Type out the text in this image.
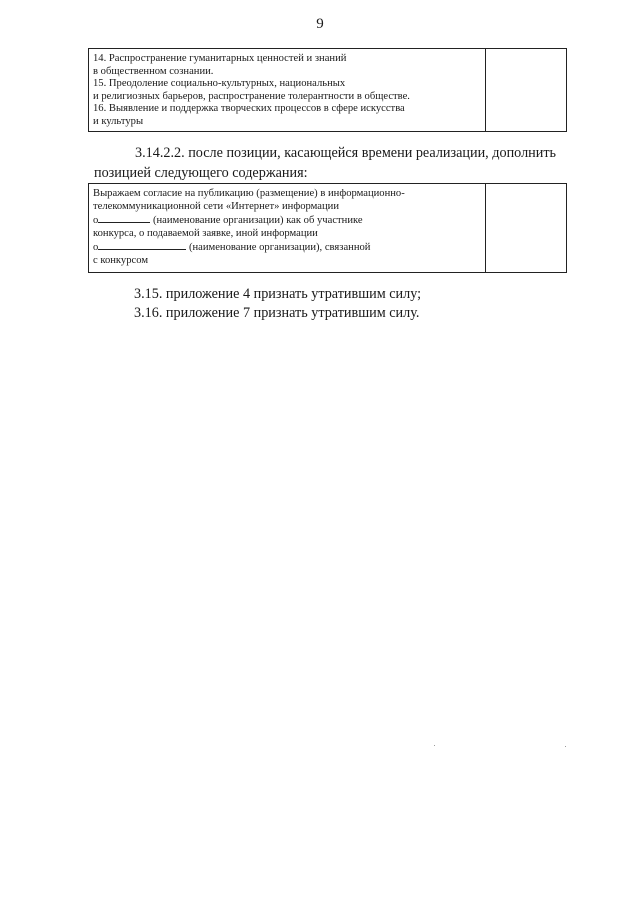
9
14. Распространение гуманитарных ценностей и знаний
в общественном сознании.
15. Преодоление социально-культурных, национальных
и религиозных барьеров, распространение толерантности в обществе.
16. Выявление и поддержка творческих процессов в сфере искусства
и культуры
3.14.2.2. после позиции, касающейся времени реализации, дополнить
позицией следующего содержания:
Выражаем согласие на публикацию (размещение) в информационно-
телекоммуникационной сети «Интернет» информации
о	(наименование организации) как об участнике
конкурса, о подаваемой заявке, иной информации
о	(наименование организации), связанной
с конкурсом
3.15. приложение 4 признать утратившим силу;
3.16. приложение 7 признать утратившим силу.
